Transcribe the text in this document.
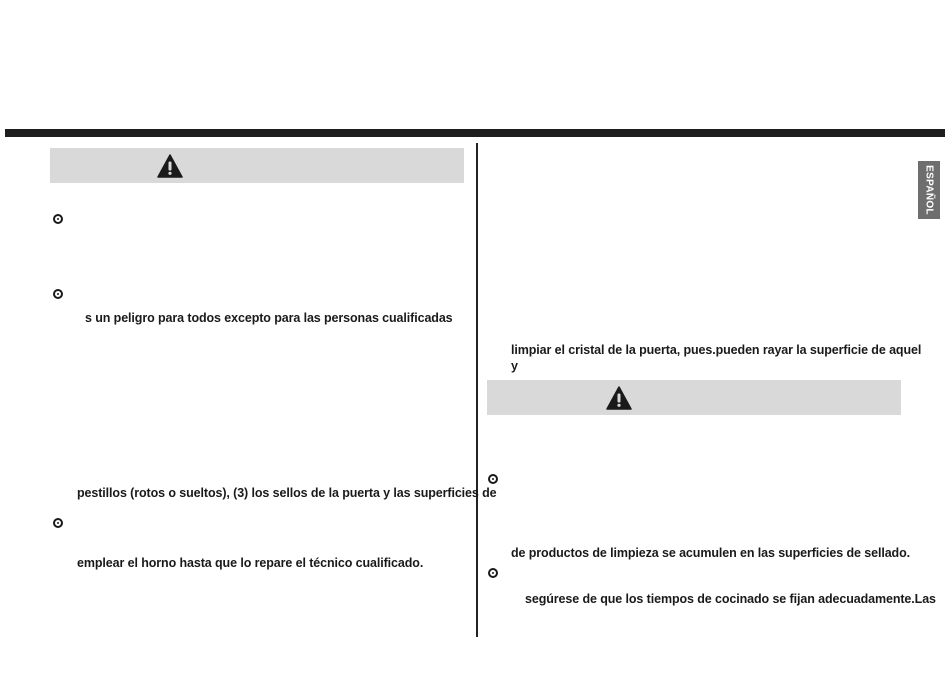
ESPAÑOL
s un peligro para todos excepto para las personas cualificadas
pestillos (rotos o sueltos), (3) los sellos de la puerta y las superficies de
emplear el horno hasta que lo repare el técnico cualificado.
limpiar el cristal de la puerta, pues.pueden rayar la superficie de aquel
y
de productos de limpieza se acumulen en las superficies de sellado.
segúrese de que los tiempos de cocinado se fijan adecuadamente.Las
